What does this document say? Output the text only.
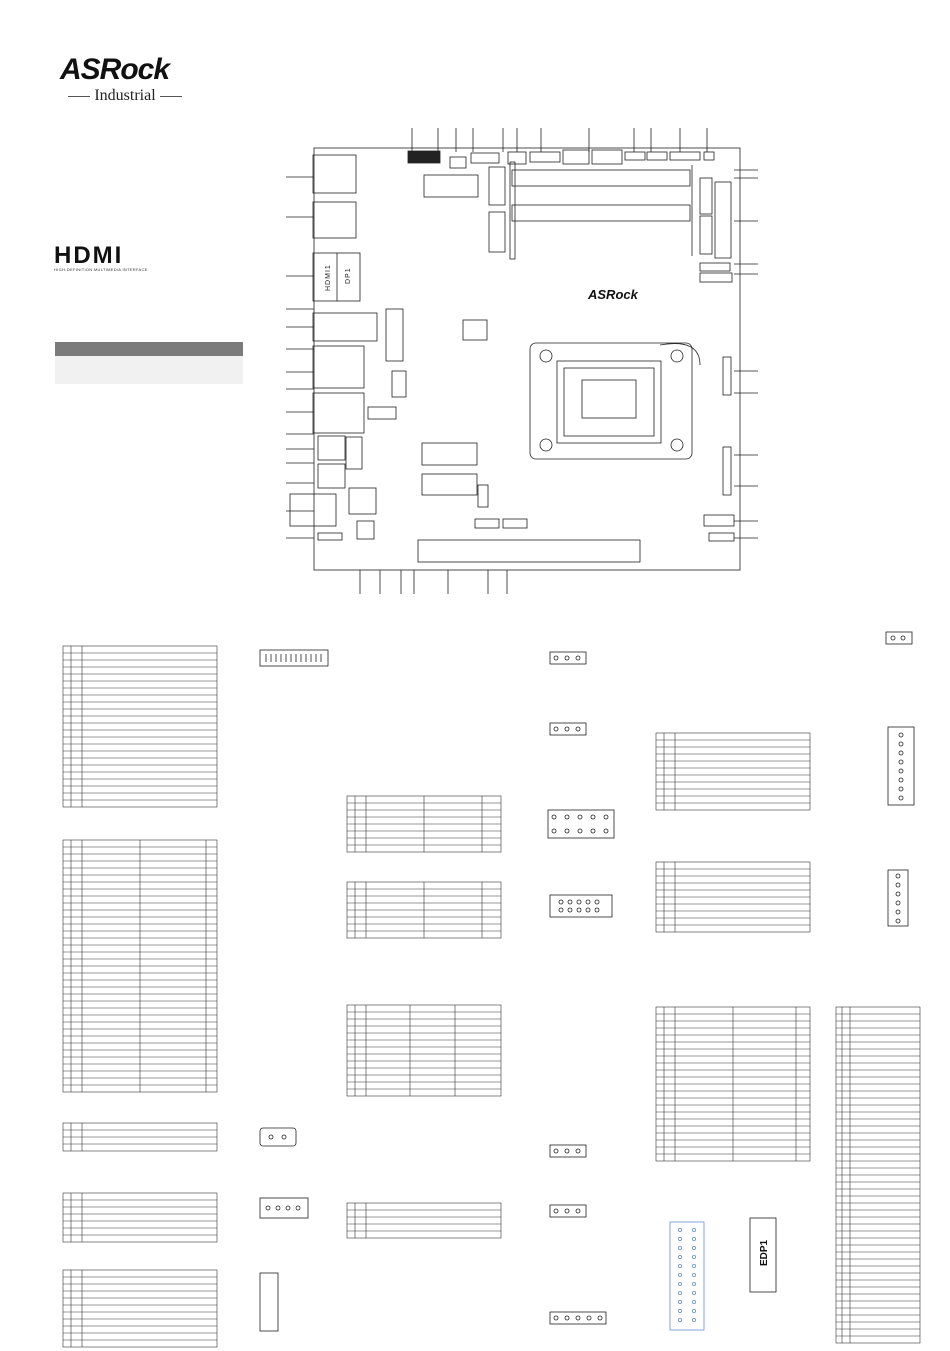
ASRock
Industrial
HDMI
HIGH-DEFINITION MULTIMEDIA INTERFACE
ASRock
HDMI1 DP1
EDP1
